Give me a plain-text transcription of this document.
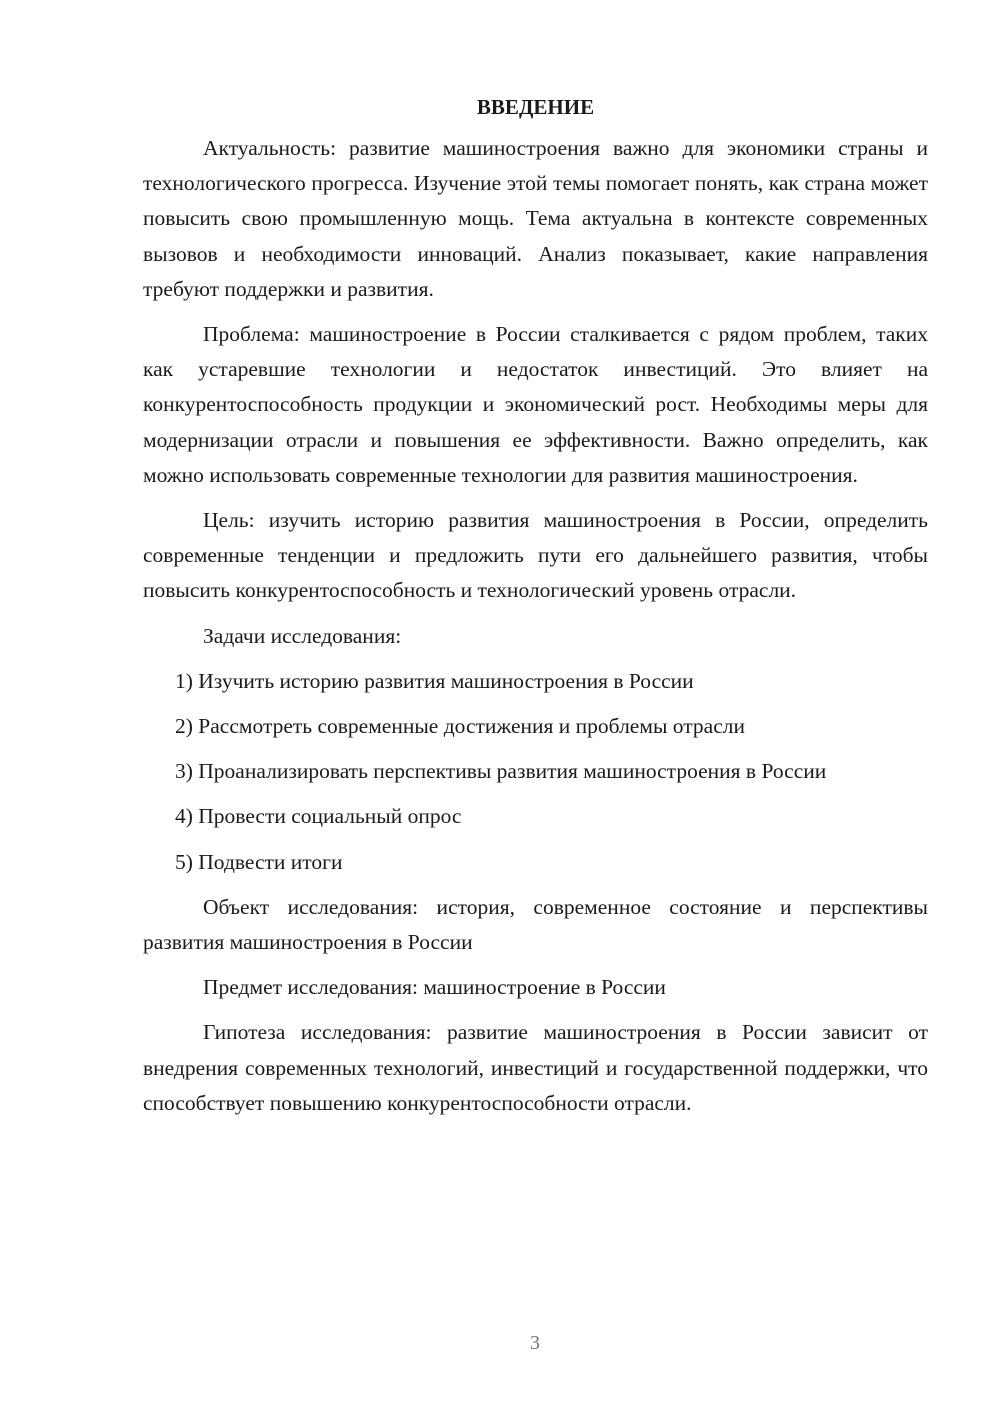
ВВЕДЕНИЕ

Актуальность: развитие машиностроения важно для экономики страны и технологического прогресса. Изучение этой темы помогает понять, как страна может повысить свою промышленную мощь. Тема актуальна в контексте современных вызовов и необходимости инноваций. Анализ показывает, какие направления требуют поддержки и развития.

Проблема: машиностроение в России сталкивается с рядом проблем, таких как устаревшие технологии и недостаток инвестиций. Это влияет на конкурентоспособность продукции и экономический рост. Необходимы меры для модернизации отрасли и повышения ее эффективности. Важно определить, как можно использовать современные технологии для развития машиностроения.

Цель: изучить историю развития машиностроения в России, определить современные тенденции и предложить пути его дальнейшего развития, чтобы повысить конкурентоспособность и технологический уровень отрасли.

Задачи исследования:

1) Изучить историю развития машиностроения в России

2) Рассмотреть современные достижения и проблемы отрасли

3) Проанализировать перспективы развития машиностроения в России

4) Провести социальный опрос

5) Подвести итоги

Объект исследования: история, современное состояние и перспективы развития машиностроения в России

Предмет исследования: машиностроение в России

Гипотеза исследования: развитие машиностроения в России зависит от внедрения современных технологий, инвестиций и государственной поддержки, что способствует повышению конкурентоспособности отрасли.

3
